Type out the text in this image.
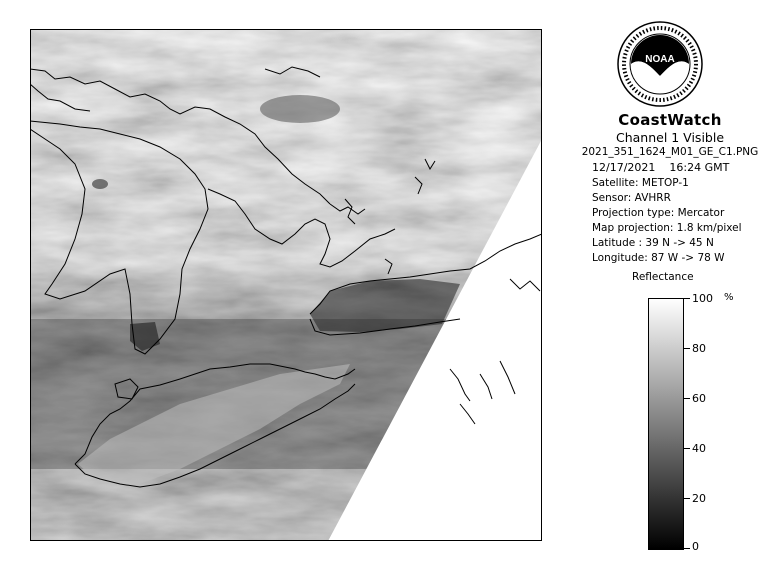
NOAA
CoastWatch
Channel 1 Visible
2021_351_1624_M01_GE_C1.PNG
12/17/2021 16:24 GMT
Satellite: METOP-1
Sensor: AVHRR
Projection type: Mercator
Map projection: 1.8 km/pixel
Latitude : 39 N -> 45 N
Longitude: 87 W -> 78 W
Reflectance
%
100
80
60
40
20
0
